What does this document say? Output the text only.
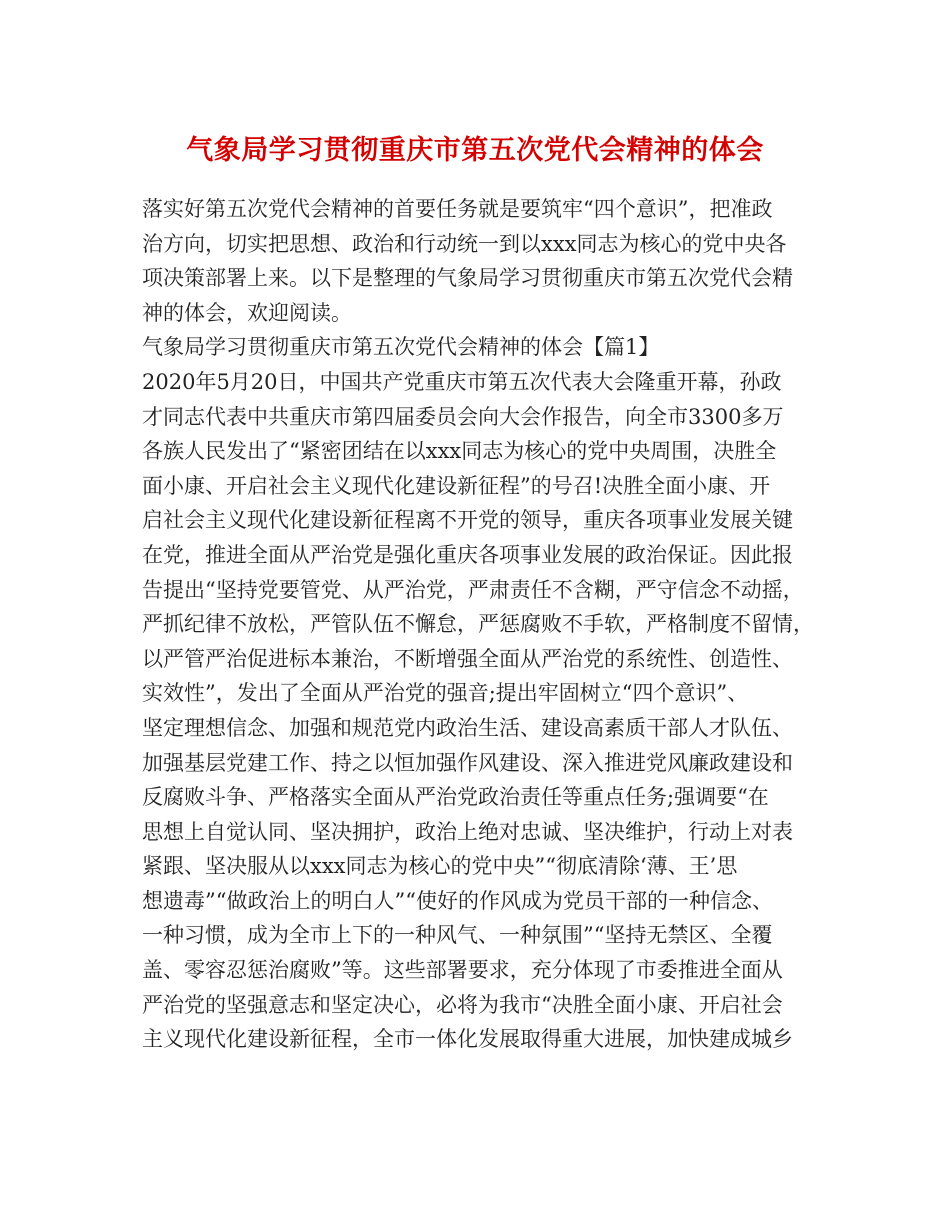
气象局学习贯彻重庆市第五次党代会精神的体会
落实好第五次党代会精神的首要任务就是要筑牢“四个意识”，把准政
治方向，切实把思想、政治和行动统一到以xxx同志为核心的党中央各
项决策部署上来。以下是整理的气象局学习贯彻重庆市第五次党代会精
神的体会，欢迎阅读。
气象局学习贯彻重庆市第五次党代会精神的体会【篇1】
2020年5月20日，中国共产党重庆市第五次代表大会隆重开幕，孙政
才同志代表中共重庆市第四届委员会向大会作报告，向全市3300多万
各族人民发出了“紧密团结在以xxx同志为核心的党中央周围，决胜全
面小康、开启社会主义现代化建设新征程”的号召!决胜全面小康、开
启社会主义现代化建设新征程离不开党的领导，重庆各项事业发展关键
在党，推进全面从严治党是强化重庆各项事业发展的政治保证。因此报
告提出“坚持党要管党、从严治党，严肃责任不含糊，严守信念不动摇，
严抓纪律不放松，严管队伍不懈怠，严惩腐败不手软，严格制度不留情，
以严管严治促进标本兼治，不断增强全面从严治党的系统性、创造性、
实效性”，发出了全面从严治党的强音;提出牢固树立“四个意识”、
坚定理想信念、加强和规范党内政治生活、建设高素质干部人才队伍、
加强基层党建工作、持之以恒加强作风建设、深入推进党风廉政建设和
反腐败斗争、严格落实全面从严治党政治责任等重点任务;强调要“在
思想上自觉认同、坚决拥护，政治上绝对忠诚、坚决维护，行动上对表
紧跟、坚决服从以xxx同志为核心的党中央”“彻底清除‘薄、王’思
想遗毒”“做政治上的明白人”“使好的作风成为党员干部的一种信念、
一种习惯，成为全市上下的一种风气、一种氛围”“坚持无禁区、全覆
盖、零容忍惩治腐败”等。这些部署要求，充分体现了市委推进全面从
严治党的坚强意志和坚定决心，必将为我市“决胜全面小康、开启社会
主义现代化建设新征程，全市一体化发展取得重大进展，加快建成城乡
